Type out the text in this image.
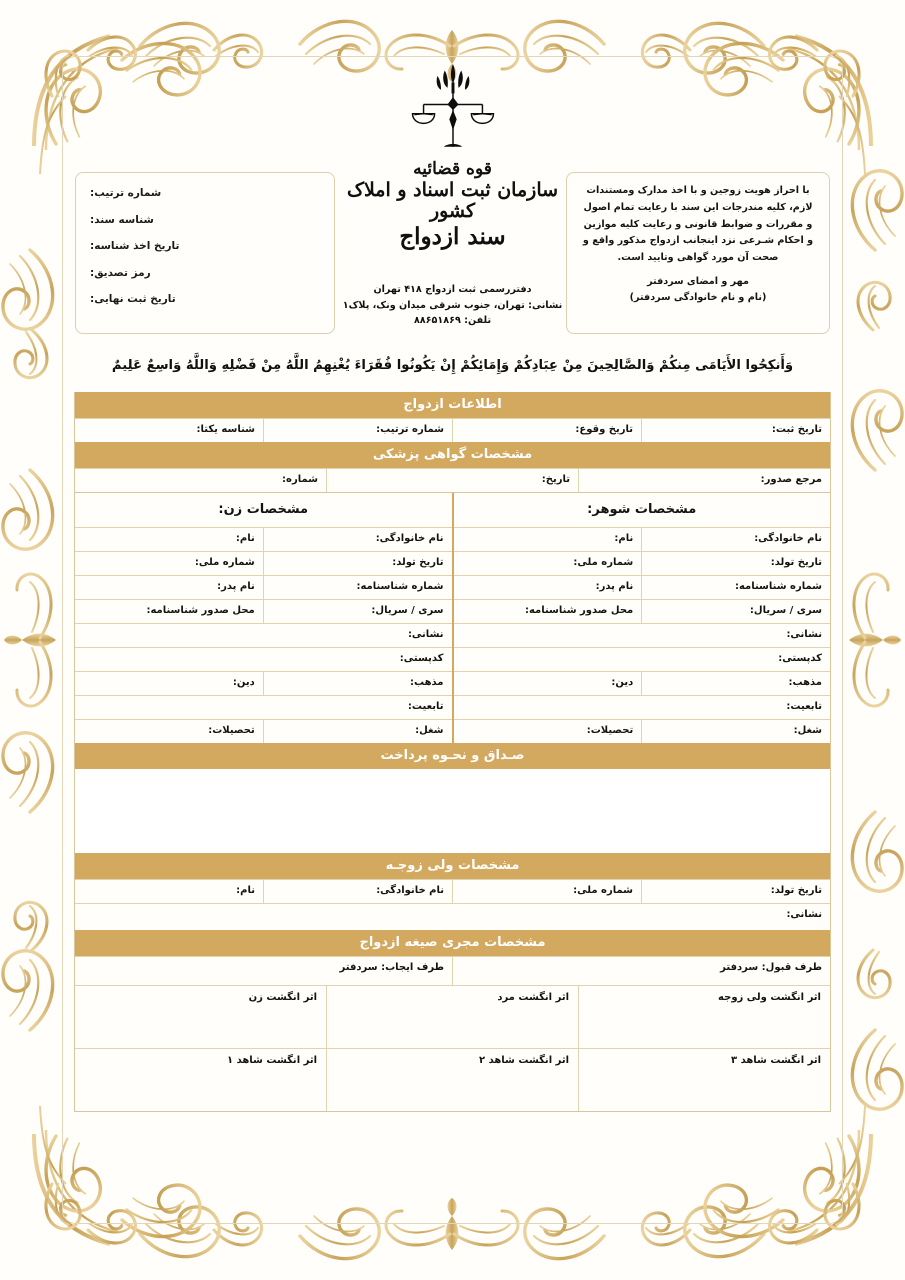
شماره ترتیب:
شناسه سند:
تاریخ اخذ شناسه:
رمز تصدیق:
تاریخ ثبت نهایی:
با احراز هویت زوجین و با اخذ مدارک ومستندات لازم، کلیه مندرجات این سند با رعایت تمام اصول و مقررات و ضوابط قانونی و رعایت کلیه موازین و احکام شـرعی نزد اینجانب ازدواج مذکور واقع و صحت آن مورد گواهی وتایید است.
مهر و امضای سردفتر
(نام و نام خانوادگی سردفتر)
قوه قضائیه
سازمان ثبت اسناد و املاک کشور
سند ازدواج
دفتررسمی ثبت ازدواج ۴۱۸ تهران
نشانی: تهران، جنوب شرقی میدان ونک، پلاک۱
تلفن: ۸۸۶۵۱۸۶۹
وَأَنكِحُوا الأَيَامَى مِنكُمْ وَالصَّالِحِينَ مِنْ عِبَادِكُمْ وَإِمَائِكُمْ إِنْ يَكُونُوا فُقَرَاءَ يُغْنِهِمُ اللَّهُ مِنْ فَضْلِهِ وَاللَّهُ وَاسِعٌ عَلِيمٌ
اطلاعات ازدواج
تاریخ ثبت:
تاریخ وقوع:
شماره ترتیب:
شناسه یکتا:
مشخصات گواهی پزشکی
مرجع صدور:
تاریخ:
شماره:
مشخصات شوهر:
نام خانوادگی:
نام:
تاریخ تولد:
شماره ملی:
شماره شناسنامه:
نام پدر:
سری / سریال:
محل صدور شناسنامه:
نشانی:
کدپستی:
مذهب:
دین:
تابعیت:
شغل:
تحصیلات:
مشخصات زن:
نام خانوادگی:
نام:
تاریخ تولد:
شماره ملی:
شماره شناسنامه:
نام پدر:
سری / سریال:
محل صدور شناسنامه:
نشانی:
کدپستی:
مذهب:
دین:
تابعیت:
شغل:
تحصیلات:
صـداق و نحـوه پرداخت
مشخصات ولی زوجـه
تاریخ تولد:
شماره ملی:
نام خانوادگی:
نام:
نشانی:
مشخصات مجری صیغه ازدواج
طرف قبول: سردفتر
طرف ایجاب: سردفتر
اثر انگشت ولی زوجه
اثر انگشت مرد
اثر انگشت زن
اثر انگشت شاهد ۳
اثر انگشت شاهد ۲
اثر انگشت شاهد ۱
